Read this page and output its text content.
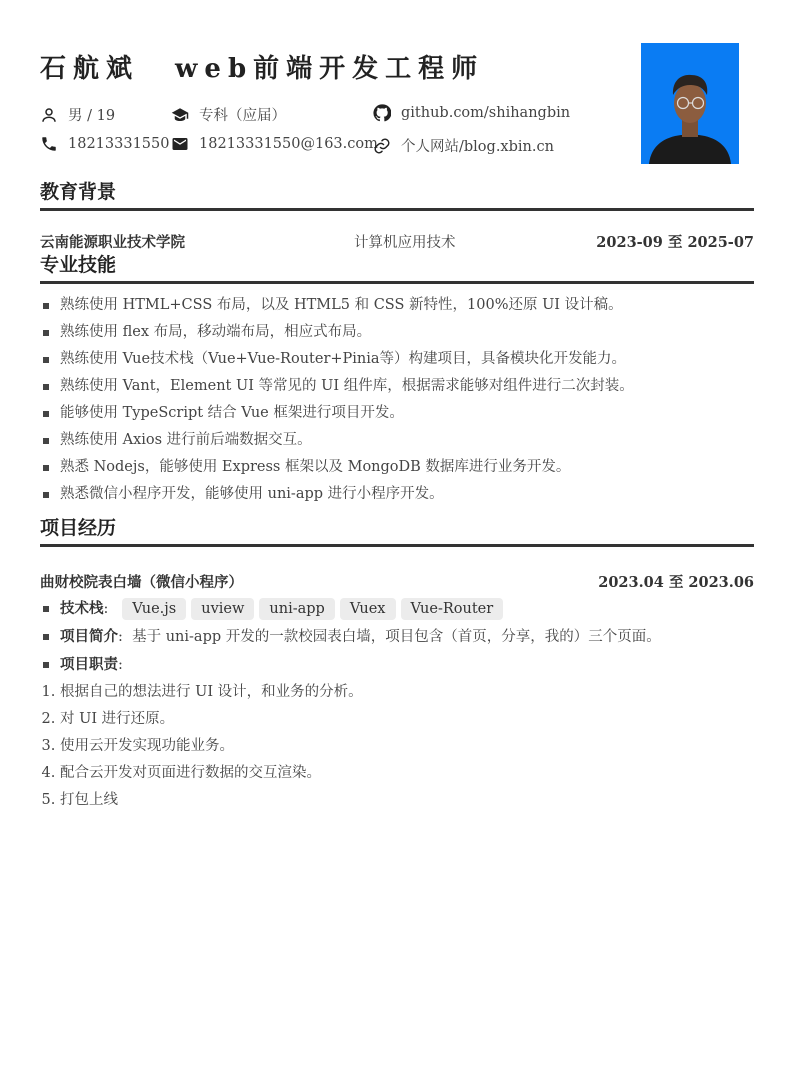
石航斌 web前端开发工程师
男 / 19	专科（应届）	github.com/shihangbin
18213331550 18213331550@163.com 个人网站/blog.xbin.cn
教育背景
云南能源职业技术学院	计算机应用技术	2023-09 至 2025-07
专业技能
熟练使用 HTML+CSS 布局，以及 HTML5 和 CSS 新特性，100%还原 UI 设计稿。
熟练使用 flex 布局，移动端布局，相应式布局。
熟练使用 Vue技术栈（Vue+Vue-Router+Pinia等）构建项目，具备模块化开发能力。
熟练使用 Vant，Element UI 等常见的 UI 组件库，根据需求能够对组件进行二次封装。
能够使用 TypeScript 结合 Vue 框架进行项目开发。
熟练使用 Axios 进行前后端数据交互。
熟悉 Nodejs，能够使用 Express 框架以及 MongoDB 数据库进行业务开发。
熟悉微信小程序开发，能够使用 uni-app 进行小程序开发。
项目经历
曲财校院表白墙（微信小程序）	2023.04 至 2023.06
技术栈:   Vue.js uview uni-app Vuex Vue-Router
项目简介:  基于 uni-app 开发的一款校园表白墙，项目包含（首页，分享，我的）三个页面。
项目职责:
1. 根据自己的想法进行 UI 设计，和业务的分析。
2. 对 UI 进行还原。
3. 使用云开发实现功能业务。
4. 配合云开发对页面进行数据的交互渲染。
5. 打包上线
